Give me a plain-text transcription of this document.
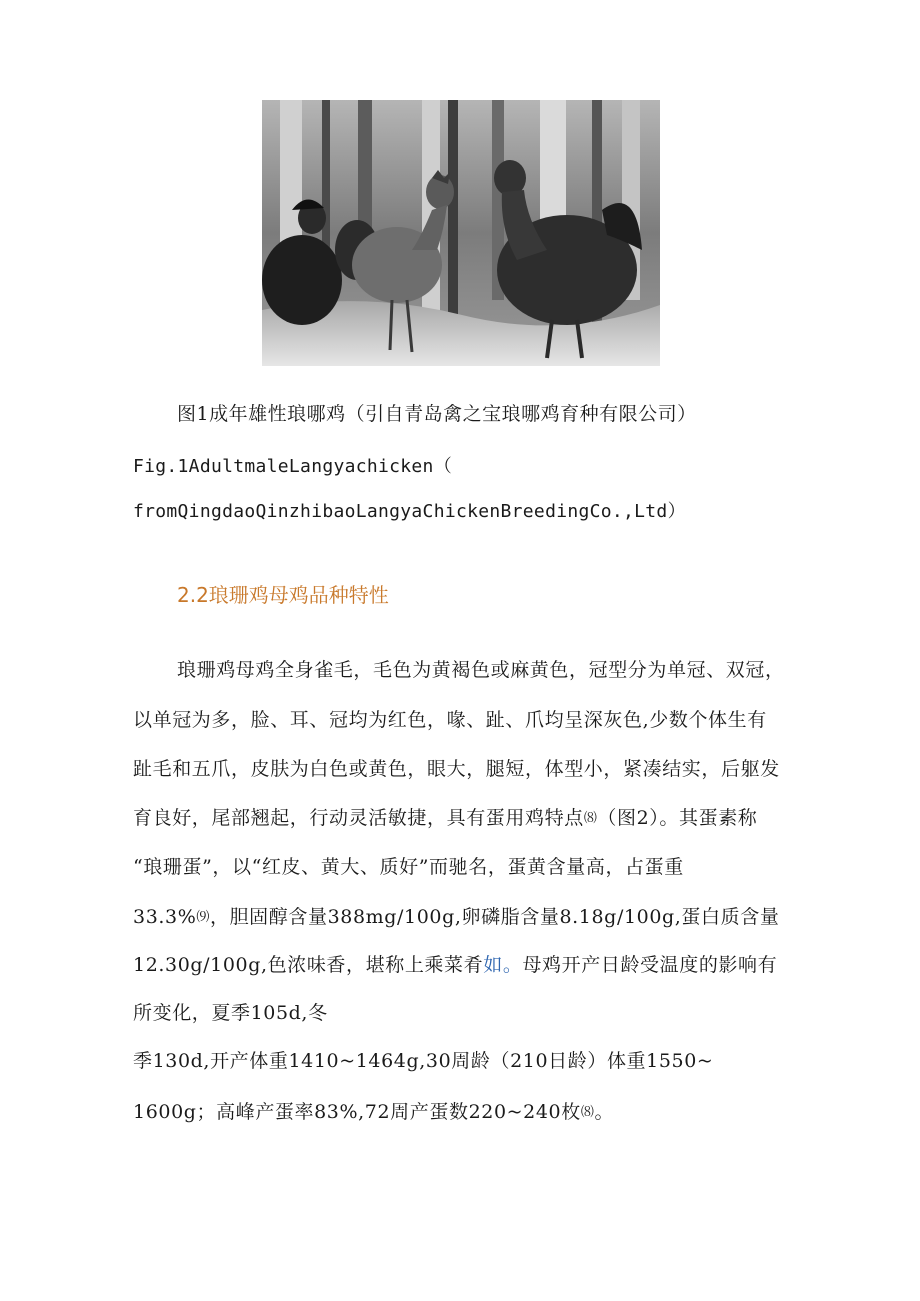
图1成年雄性琅哪鸡（引自青岛禽之宝琅哪鸡育种有限公司）
Fig.1AdultmaleLangyachicken（
fromQingdaoQinzhibaoLangyaChickenBreedingCo.,Ltd）
2.2琅珊鸡母鸡品种特性
琅珊鸡母鸡全身雀毛，毛色为黄褐色或麻黄色，冠型分为单冠、双冠，
以单冠为多，脸、耳、冠均为红色，喙、趾、爪均呈深灰色,少数个体生有
趾毛和五爪，皮肤为白色或黄色，眼大，腿短，体型小，紧凑结实，后躯发
育良好，尾部翘起，行动灵活敏捷，具有蛋用鸡特点⑻（图2）。其蛋素称
“琅珊蛋”，以“红皮、黄大、质好”而驰名，蛋黄含量高，占蛋重
33.3%⑼，胆固醇含量388mg/100g,卵磷脂含量8.18g/100g,蛋白质含量
12.30g/100g,色浓味香，堪称上乘菜肴如。母鸡开产日龄受温度的影响有
所变化，夏季105d,冬
季130d,开产体重1410~1464g,30周龄（210日龄）体重1550~
1600g；高峰产蛋率83%,72周产蛋数220~240枚⑻。
